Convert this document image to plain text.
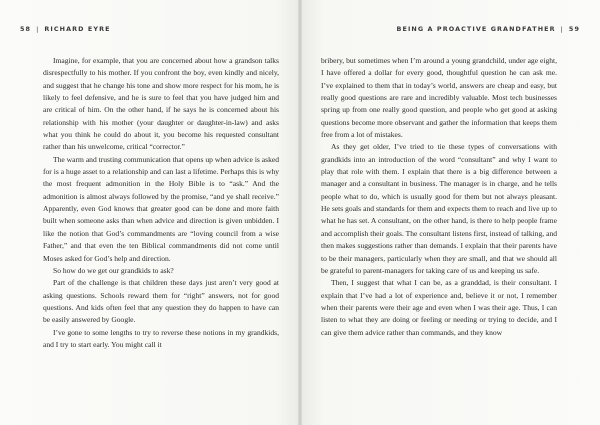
58 | RICHARD EYRE

Imagine, for example, that you are concerned about how a grandson talks disrespectfully to his mother. If you confront the boy, even kindly and nicely, and suggest that he change his tone and show more respect for his mom, he is likely to feel defensive, and he is sure to feel that you have judged him and are critical of him. On the other hand, if he says he is concerned about his relationship with his mother (your daughter or daughter-in-law) and asks what you think he could do about it, you become his requested consultant rather than his unwelcome, critical “corrector.”

The warm and trusting communication that opens up when advice is asked for is a huge asset to a relationship and can last a lifetime. Perhaps this is why the most frequent admonition in the Holy Bible is to “ask.” And the admonition is almost always followed by the promise, “and ye shall receive.” Apparently, even God knows that greater good can be done and more faith built when someone asks than when advice and direction is given unbidden. I like the notion that God’s commandments are “loving council from a wise Father,” and that even the ten Biblical commandments did not come until Moses asked for God’s help and direction.

So how do we get our grandkids to ask?

Part of the challenge is that children these days just aren’t very good at asking questions. Schools reward them for “right” answers, not for good questions. And kids often feel that any question they do happen to have can be easily answered by Google.

I’ve gone to some lengths to try to reverse these notions in my grandkids, and I try to start early. You might call it

BEING A PROACTIVE GRANDFATHER | 59

bribery, but sometimes when I’m around a young grandchild, under age eight, I have offered a dollar for every good, thoughtful question he can ask me. I’ve explained to them that in today’s world, answers are cheap and easy, but really good questions are rare and incredibly valuable. Most tech businesses spring up from one really good question, and people who get good at asking questions become more observant and gather the information that keeps them free from a lot of mistakes.

As they get older, I’ve tried to tie these types of conversations with grandkids into an introduction of the word “consultant” and why I want to play that role with them. I explain that there is a big difference between a manager and a consultant in business. The manager is in charge, and he tells people what to do, which is usually good for them but not always pleasant. He sets goals and standards for them and expects them to reach and live up to what he has set. A consultant, on the other hand, is there to help people frame and accomplish their goals. The consultant listens first, instead of talking, and then makes suggestions rather than demands. I explain that their parents have to be their managers, particularly when they are small, and that we should all be grateful to parent-managers for taking care of us and keeping us safe.

Then, I suggest that what I can be, as a granddad, is their consultant. I explain that I’ve had a lot of experience and, believe it or not, I remember when their parents were their age and even when I was their age. Thus, I can listen to what they are doing or feeling or needing or trying to decide, and I can give them advice rather than commands, and they know
